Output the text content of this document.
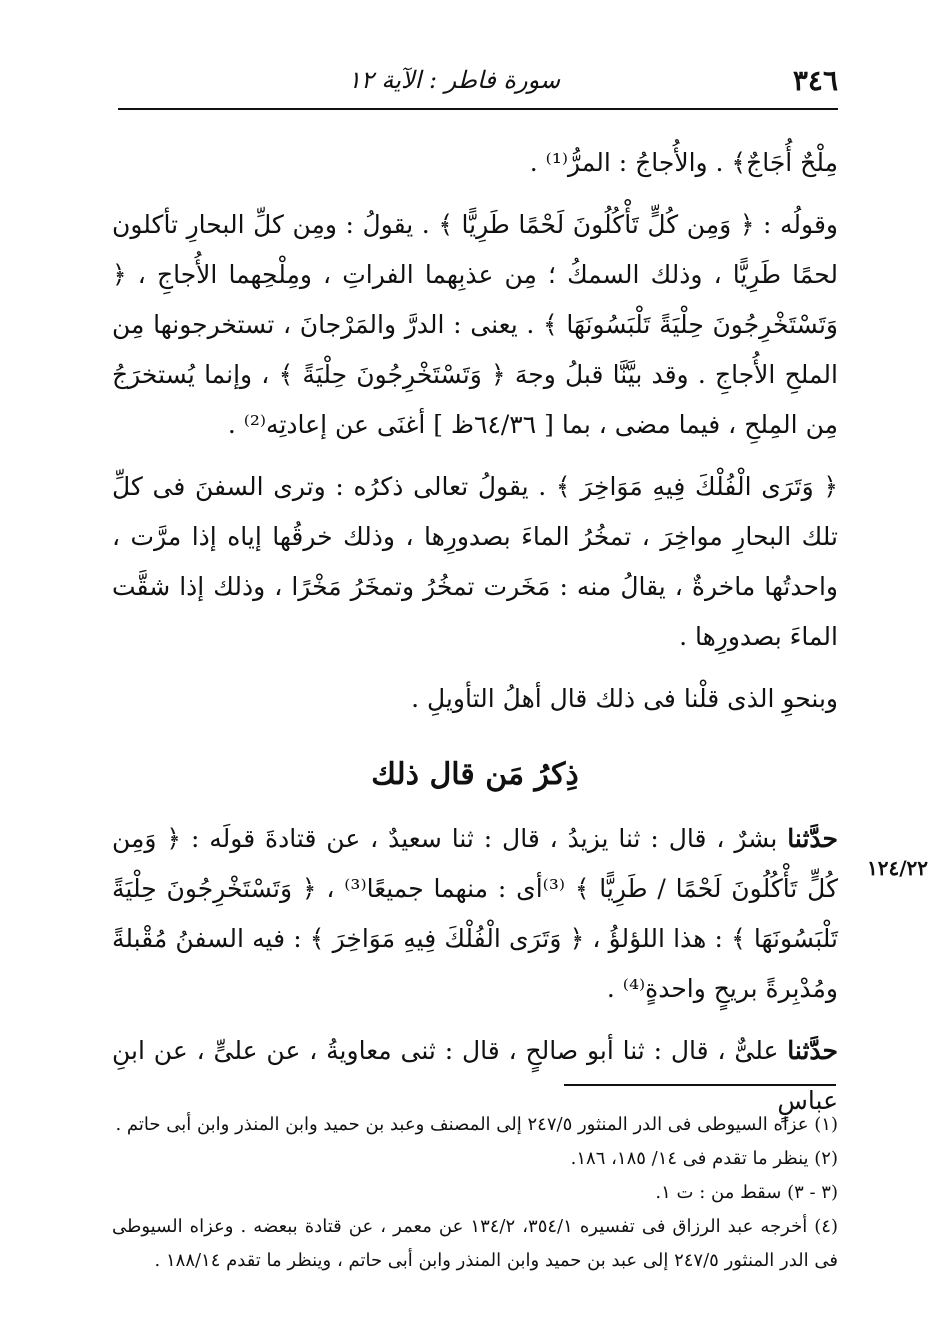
٣٤٦
سورة فاطر : الآية ١٢
١٢٤/٢٢

مِلْحٌ أُجَاجٌ﴾ . والأُجاجُ : المرُّ⁽¹⁾ .

وقولُه : ﴿ وَمِن كُلٍّ تَأْكُلُونَ لَحْمًا طَرِيًّا ﴾ . يقولُ : ومِن كلِّ البحارِ تأكلون لحمًا طَرِيًّا ، وذلك السمكُ ؛ مِن عذبِهما الفراتِ ، ومِلْحِهما الأُجاجِ ، ﴿ وَتَسْتَخْرِجُونَ حِلْيَةً تَلْبَسُونَهَا ﴾ . يعنى : الدرَّ والمَرْجانَ ، تستخرجونها مِن الملحِ الأُجاجِ . وقد بيَّنَّا قبلُ وجهَ ﴿ وَتَسْتَخْرِجُونَ حِلْيَةً ﴾ ، وإنما يُستخرَجُ مِن المِلحِ ، فيما مضى ، بما [ ٦٤/٣٦ظ ] أغنَى عن إعادتِه⁽²⁾ .

﴿ وَتَرَى الْفُلْكَ فِيهِ مَوَاخِرَ ﴾ . يقولُ تعالى ذكرُه : وترى السفنَ فى كلِّ تلك البحارِ مواخِرَ ، تمخُرُ الماءَ بصدورِها ، وذلك خرقُها إياه إذا مرَّت ، واحدتُها ماخرةٌ ، يقالُ منه : مَخَرت تمخُرُ وتمخَرُ مَخْرًا ، وذلك إذا شقَّت الماءَ بصدورِها .

وبنحوِ الذى قلْنا فى ذلك قال أهلُ التأويلِ .

ذِكرُ مَن قال ذلك

حدَّثنا بشرٌ ، قال : ثنا يزيدُ ، قال : ثنا سعيدٌ ، عن قتادةَ قولَه : ﴿ وَمِن كُلٍّ تَأْكُلُونَ لَحْمًا / طَرِيًّا ﴾ ⁽³⁾أى : منهما جميعًا⁽³⁾ ، ﴿ وَتَسْتَخْرِجُونَ حِلْيَةً تَلْبَسُونَهَا ﴾ : هذا اللؤلؤُ ، ﴿ وَتَرَى الْفُلْكَ فِيهِ مَوَاخِرَ ﴾ : فيه السفنُ مُقْبلةً ومُدْبِرةً بريحٍ واحدةٍ⁽⁴⁾ .

حدَّثنا علىٌّ ، قال : ثنا أبو صالحٍ ، قال : ثنى معاويةُ ، عن علىٍّ ، عن ابنِ عباسٍ

(١) عزاه السيوطى فى الدر المنثور ٢٤٧/٥ إلى المصنف وعبد بن حميد وابن المنذر وابن أبى حاتم .

(٢) ينظر ما تقدم فى ١٤/ ١٨٥، ١٨٦.

(٣ - ٣) سقط من : ت ١.

(٤) أخرجه عبد الرزاق فى تفسيره ٣٥٤/١، ١٣٤/٢ عن معمر ، عن قتادة ببعضه . وعزاه السيوطى فى الدر المنثور ٢٤٧/٥ إلى عبد بن حميد وابن المنذر وابن أبى حاتم ، وينظر ما تقدم ١٨٨/١٤ .
